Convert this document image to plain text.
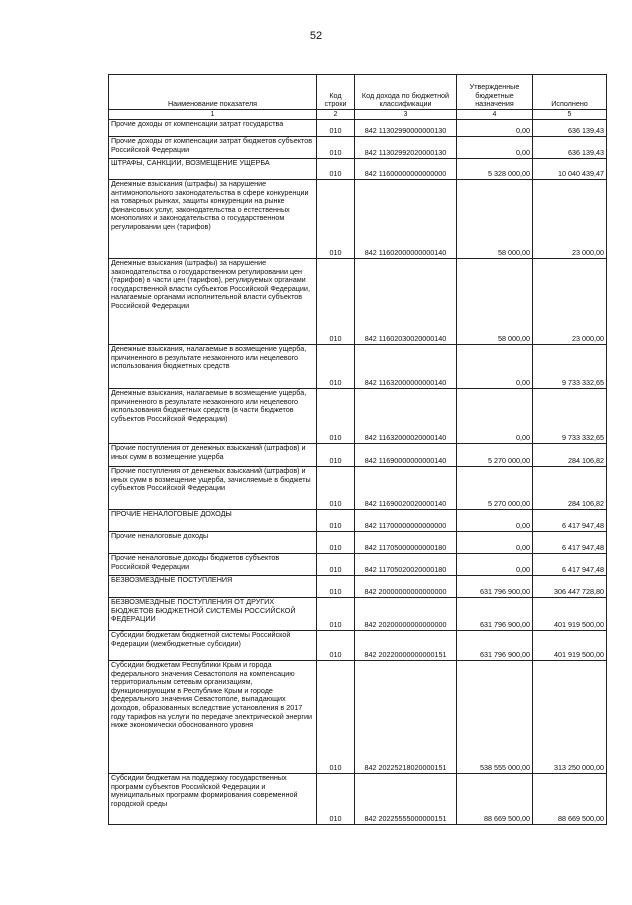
52
Наименование показателя	Код строки	Код дохода по бюджетной классификации	Утвержденные бюджетные назначения	Исполнено
1	2	3	4	5
Прочие доходы от компенсации затрат государства	010	842 11302990000000130	0,00	636 139,43
Прочие доходы от компенсации затрат бюджетов субъектов Российской Федерации	010	842 11302992020000130	0,00	636 139,43
ШТРАФЫ, САНКЦИИ, ВОЗМЕЩЕНИЕ УЩЕРБА	010	842 11600000000000000	5 328 000,00	10 040 439,47
Денежные взыскания (штрафы) за нарушение антимонопольного законодательства в сфере конкуренции на товарных рынках, защиты конкуренции на рынке финансовых услуг, законодательства о естественных монополиях и законодательства о государственном регулировании цен (тарифов)	010	842 11602000000000140	58 000,00	23 000,00
Денежные взыскания (штрафы) за нарушение законодательства о государственном регулировании цен (тарифов) в части цен (тарифов), регулируемых органами государственной власти субъектов Российской Федерации, налагаемые органами исполнительной власти субъектов Российской Федерации	010	842 11602030020000140	58 000,00	23 000,00
Денежные взыскания, налагаемые в возмещение ущерба, причиненного в результате незаконного или нецелевого использования бюджетных средств	010	842 11632000000000140	0,00	9 733 332,65
Денежные взыскания, налагаемые в возмещение ущерба, причиненного в результате незаконного или нецелевого использования бюджетных средств (в части бюджетов субъектов Российской Федерации)	010	842 11632000020000140	0,00	9 733 332,65
Прочие поступления от денежных взысканий (штрафов) и иных сумм в возмещение ущерба	010	842 11690000000000140	5 270 000,00	284 106,82
Прочие поступления от денежных взысканий (штрафов) и иных сумм в возмещение ущерба, зачисляемые в бюджеты субъектов Российской Федерации	010	842 11690020020000140	5 270 000,00	284 106,82
ПРОЧИЕ НЕНАЛОГОВЫЕ ДОХОДЫ	010	842 11700000000000000	0,00	6 417 947,48
Прочие неналоговые доходы	010	842 11705000000000180	0,00	6 417 947,48
Прочие неналоговые доходы бюджетов субъектов Российской Федерации	010	842 11705020020000180	0,00	6 417 947,48
БЕЗВОЗМЕЗДНЫЕ ПОСТУПЛЕНИЯ	010	842 20000000000000000	631 796 900,00	306 447 728,80
БЕЗВОЗМЕЗДНЫЕ ПОСТУПЛЕНИЯ ОТ ДРУГИХ БЮДЖЕТОВ БЮДЖЕТНОЙ СИСТЕМЫ РОССИЙСКОЙ ФЕДЕРАЦИИ	010	842 20200000000000000	631 796 900,00	401 919 500,00
Субсидии бюджетам бюджетной системы Российской Федерации (межбюджетные субсидии)	010	842 20220000000000151	631 796 900,00	401 919 500,00
Субсидии бюджетам Республики Крым и города федерального значения Севастополя на компенсацию территориальным сетевым организациям, функционирующим в Республике Крым и городе федерального значения Севастополе, выпадающих доходов, образованных вследствие установления в 2017 году тарифов на услуги по передаче электрической энергии ниже экономически обоснованного уровня	010	842 20225218020000151	538 555 000,00	313 250 000,00
Субсидии бюджетам на поддержку государственных программ субъектов Российской Федерации и муниципальных программ формирования современной городской среды	010	842 20225555000000151	88 669 500,00	88 669 500,00
